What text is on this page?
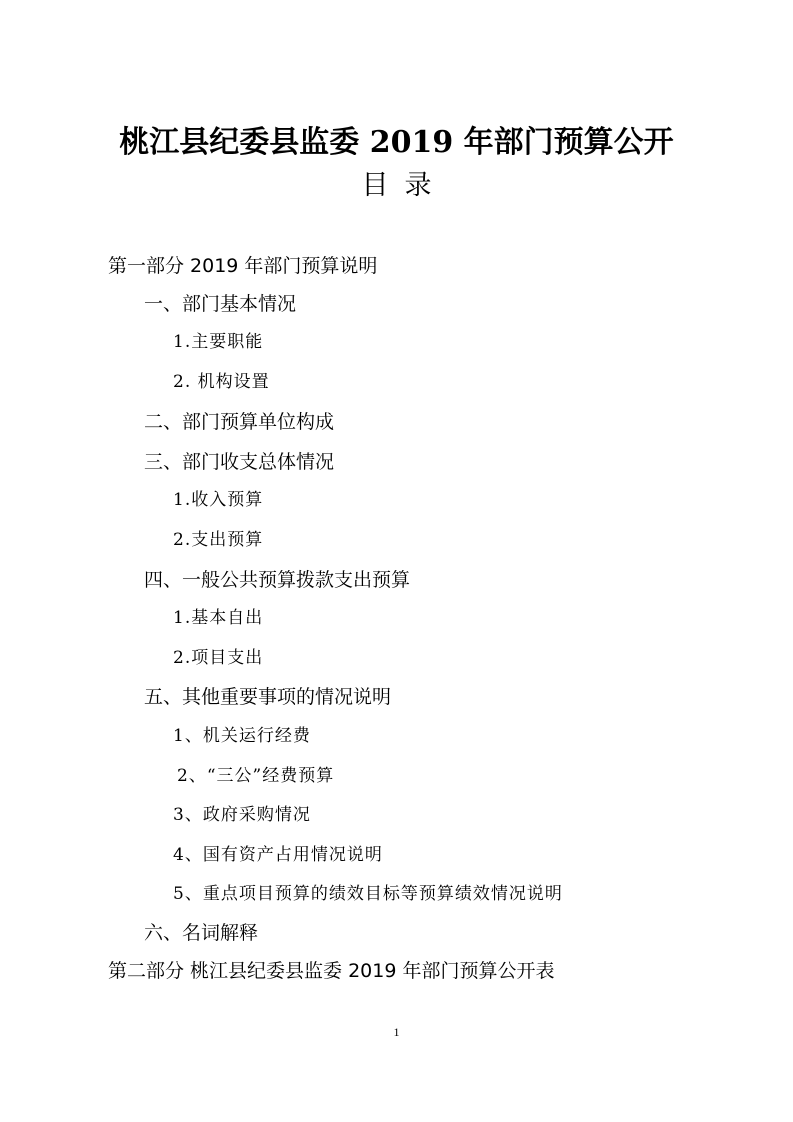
桃江县纪委县监委 2019 年部门预算公开
目录
第一部分 2019 年部门预算说明
一、部门基本情况
1.主要职能
2. 机构设置
二、部门预算单位构成
三、部门收支总体情况
1.收入预算
2.支出预算
四、一般公共预算拨款支出预算
1.基本自出
2.项目支出
五、其他重要事项的情况说明
1、机关运行经费
2、“三公”经费预算
3、政府采购情况
4、国有资产占用情况说明
5、重点项目预算的绩效目标等预算绩效情况说明
六、名词解释
第二部分 桃江县纪委县监委 2019 年部门预算公开表
1
